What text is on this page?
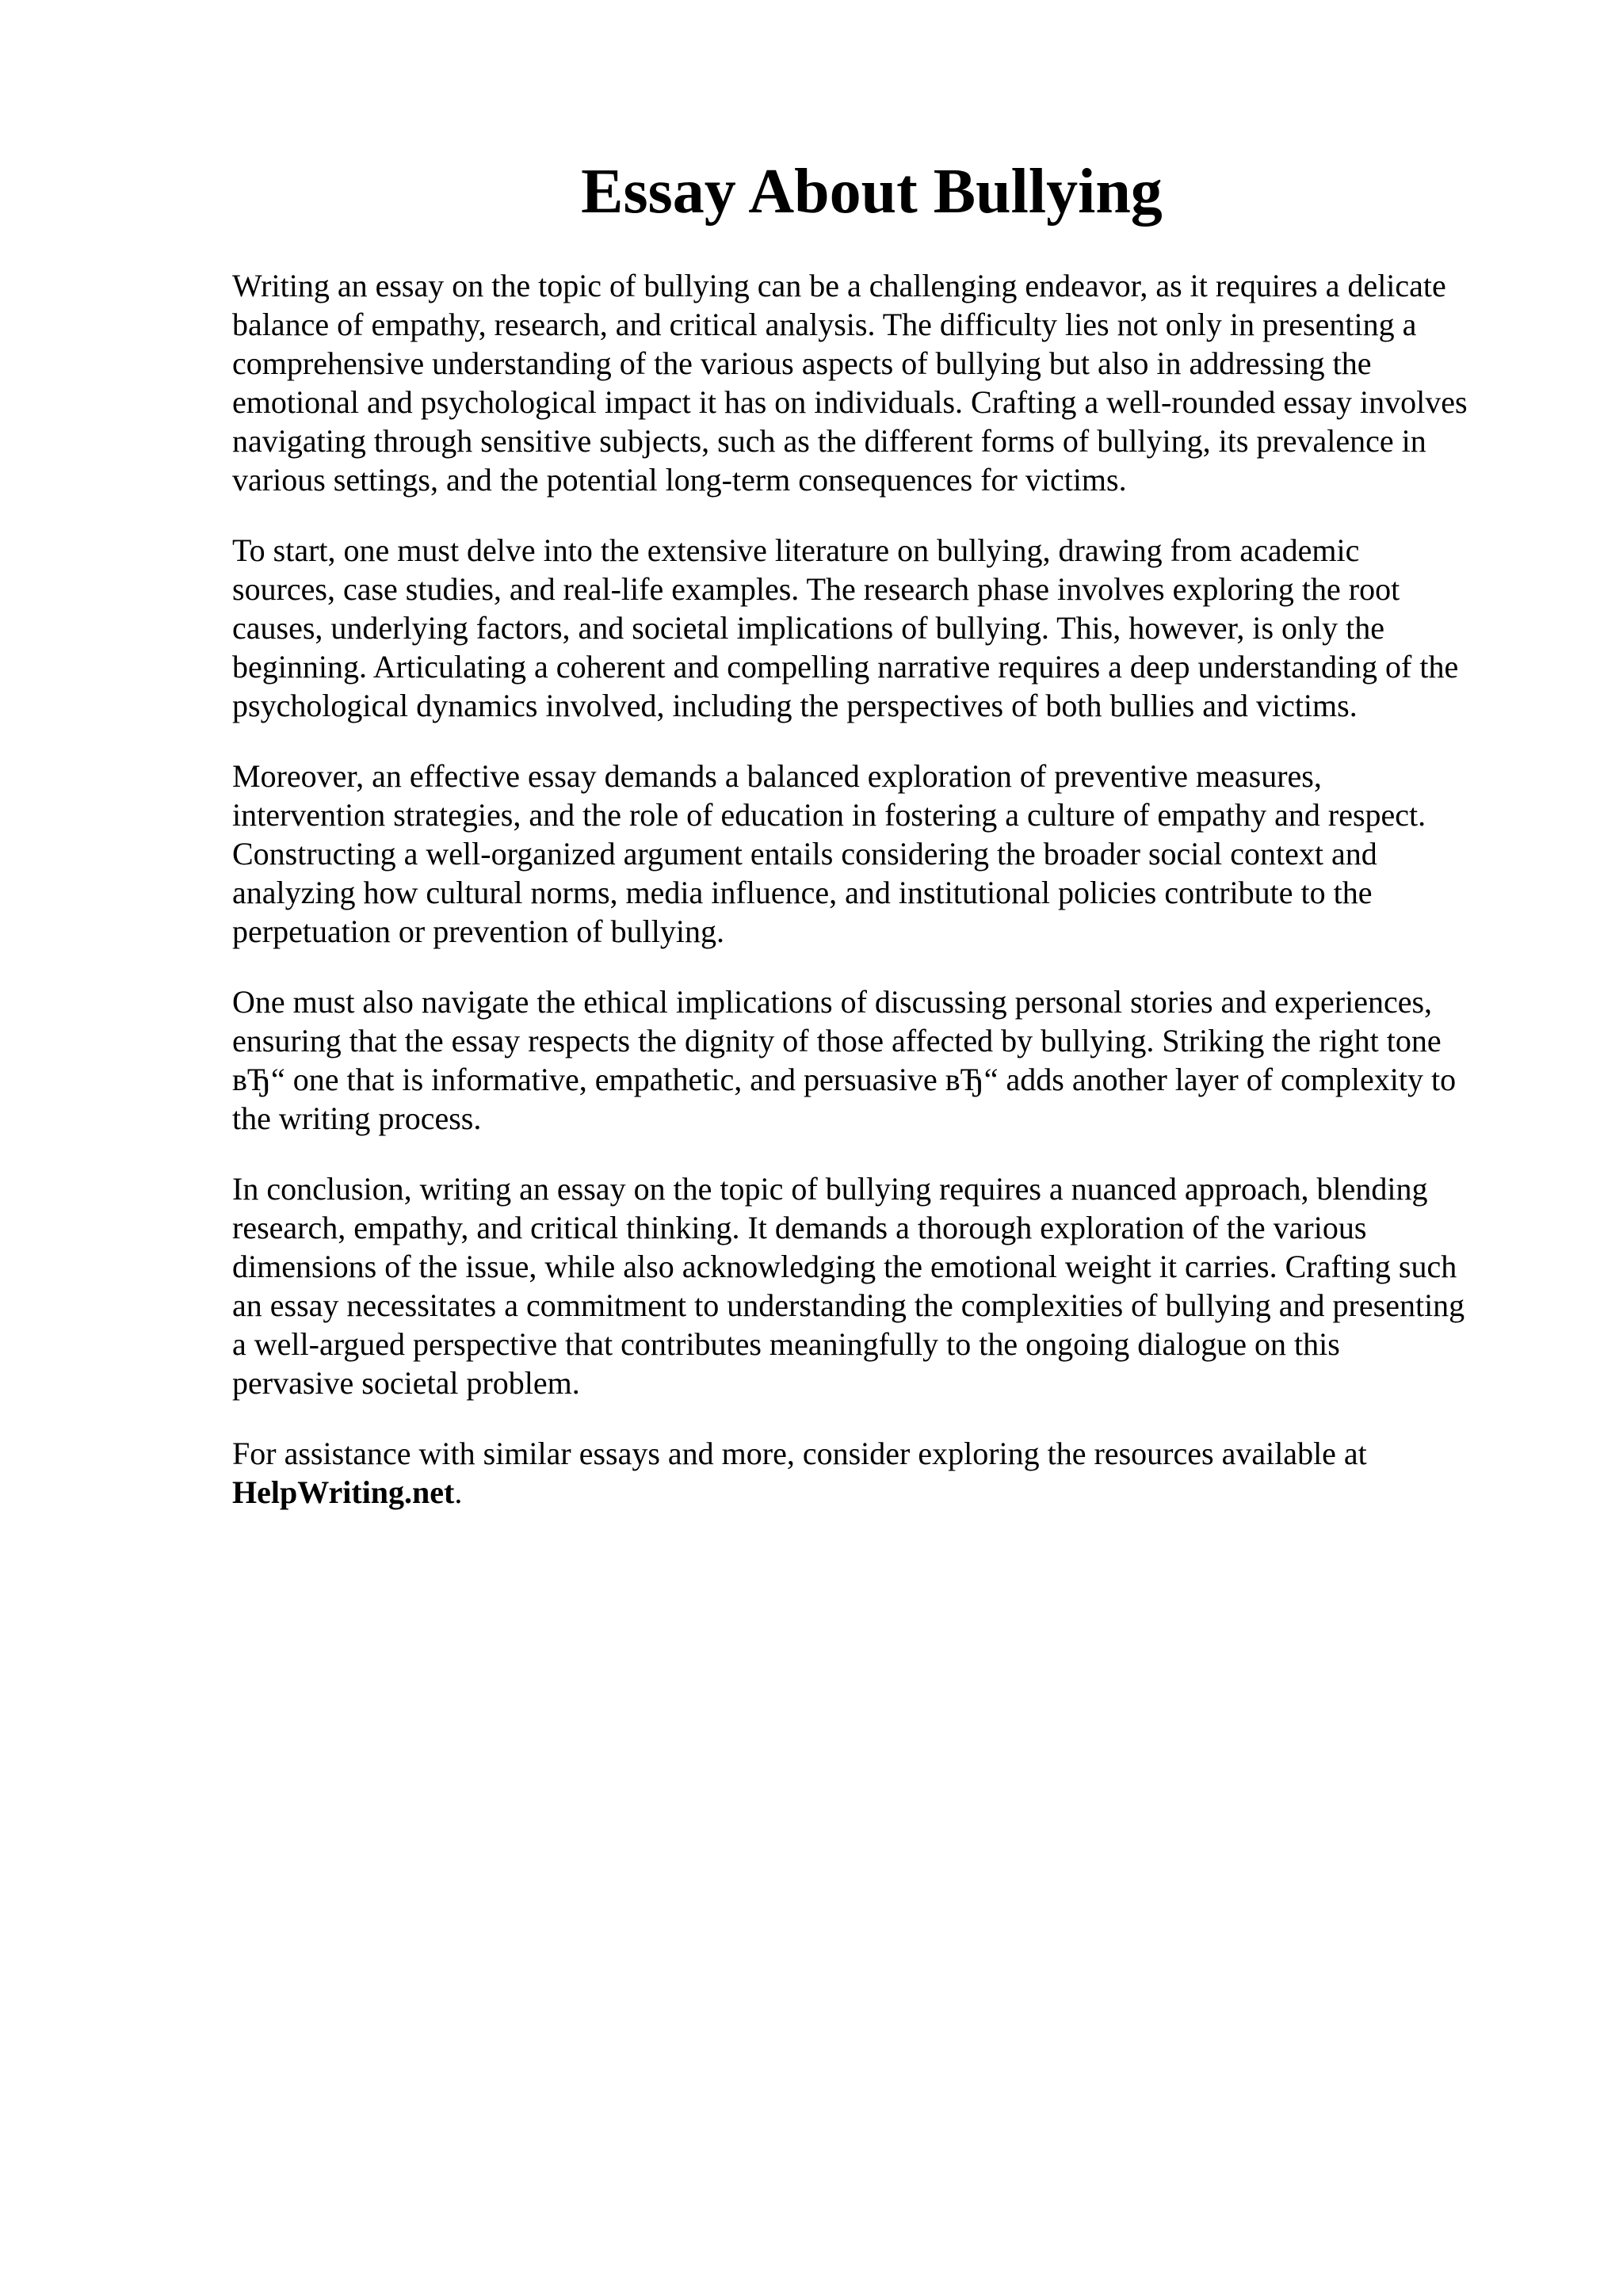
Essay About Bullying

Writing an essay on the topic of bullying can be a challenging endeavor, as it requires a delicate
balance of empathy, research, and critical analysis. The difficulty lies not only in presenting a
comprehensive understanding of the various aspects of bullying but also in addressing the
emotional and psychological impact it has on individuals. Crafting a well-rounded essay involves
navigating through sensitive subjects, such as the different forms of bullying, its prevalence in
various settings, and the potential long-term consequences for victims.

To start, one must delve into the extensive literature on bullying, drawing from academic
sources, case studies, and real-life examples. The research phase involves exploring the root
causes, underlying factors, and societal implications of bullying. This, however, is only the
beginning. Articulating a coherent and compelling narrative requires a deep understanding of the
psychological dynamics involved, including the perspectives of both bullies and victims.

Moreover, an effective essay demands a balanced exploration of preventive measures,
intervention strategies, and the role of education in fostering a culture of empathy and respect.
Constructing a well-organized argument entails considering the broader social context and
analyzing how cultural norms, media influence, and institutional policies contribute to the
perpetuation or prevention of bullying.

One must also navigate the ethical implications of discussing personal stories and experiences,
ensuring that the essay respects the dignity of those affected by bullying. Striking the right tone
вЂ“ one that is informative, empathetic, and persuasive вЂ“ adds another layer of complexity to
the writing process.

In conclusion, writing an essay on the topic of bullying requires a nuanced approach, blending
research, empathy, and critical thinking. It demands a thorough exploration of the various
dimensions of the issue, while also acknowledging the emotional weight it carries. Crafting such
an essay necessitates a commitment to understanding the complexities of bullying and presenting
a well-argued perspective that contributes meaningfully to the ongoing dialogue on this
pervasive societal problem.

For assistance with similar essays and more, consider exploring the resources available at
HelpWriting.net.
